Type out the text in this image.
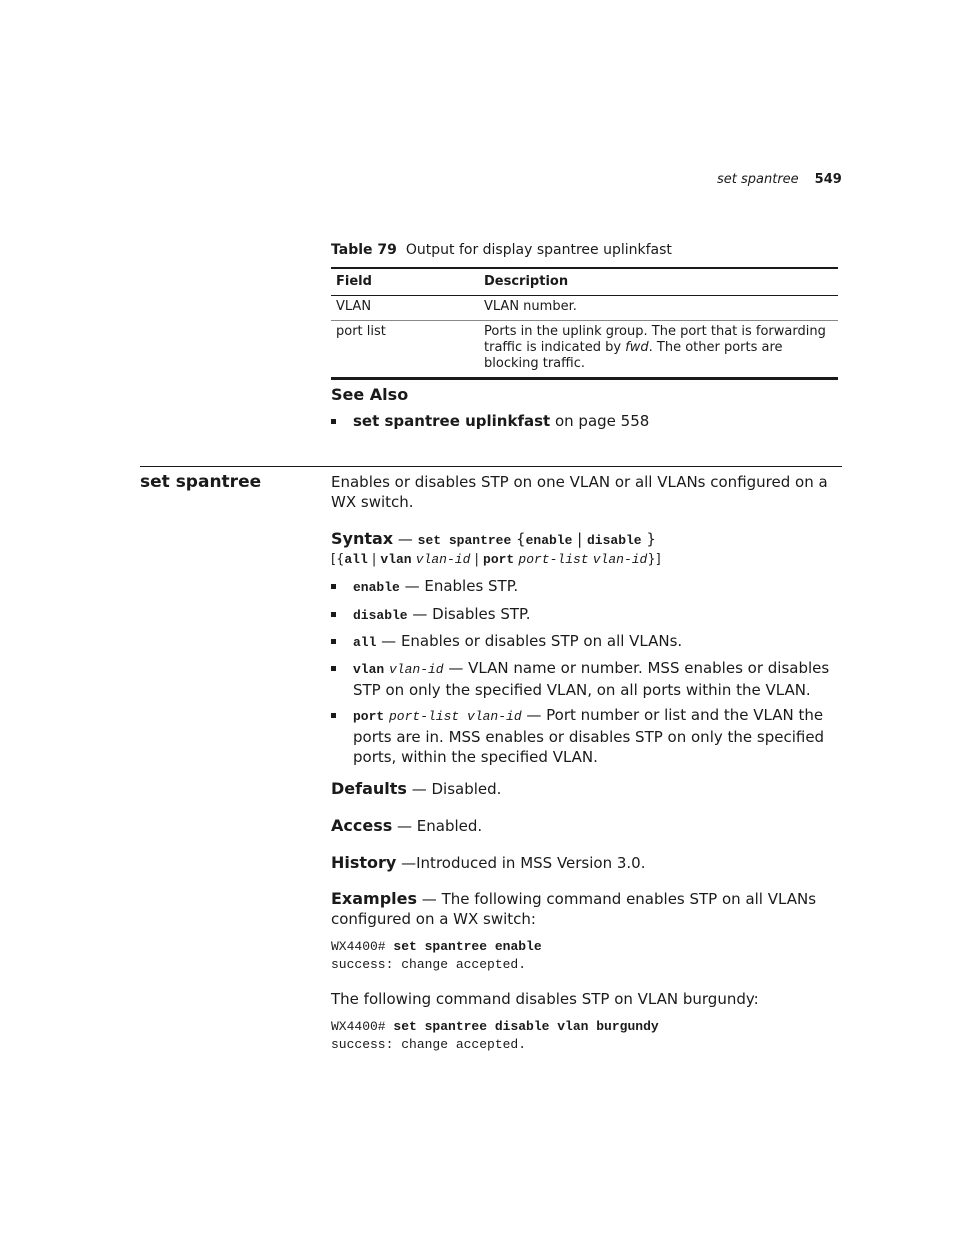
set spantree 549
Table 79 Output for display spantree uplinkfast
Field	Description
VLAN	VLAN number.
port list	Ports in the uplink group. The port that is forwarding traffic is indicated by fwd. The other ports are blocking traffic.
See Also
set spantree uplinkfast on page 558
set spantree	Enables or disables STP on one VLAN or all VLANs configured on a WX switch.
Syntax — set spantree {enable | disable }
[{all | vlan vlan-id | port port-list vlan-id}]
enable — Enables STP.
disable — Disables STP.
all — Enables or disables STP on all VLANs.
vlan vlan-id — VLAN name or number. MSS enables or disables STP on only the specified VLAN, on all ports within the VLAN.
port port-list vlan-id — Port number or list and the VLAN the ports are in. MSS enables or disables STP on only the specified ports, within the specified VLAN.
Defaults — Disabled.
Access — Enabled.
History —Introduced in MSS Version 3.0.
Examples — The following command enables STP on all VLANs configured on a WX switch:
WX4400# set spantree enable
success: change accepted.
The following command disables STP on VLAN burgundy:
WX4400# set spantree disable vlan burgundy
success: change accepted.
